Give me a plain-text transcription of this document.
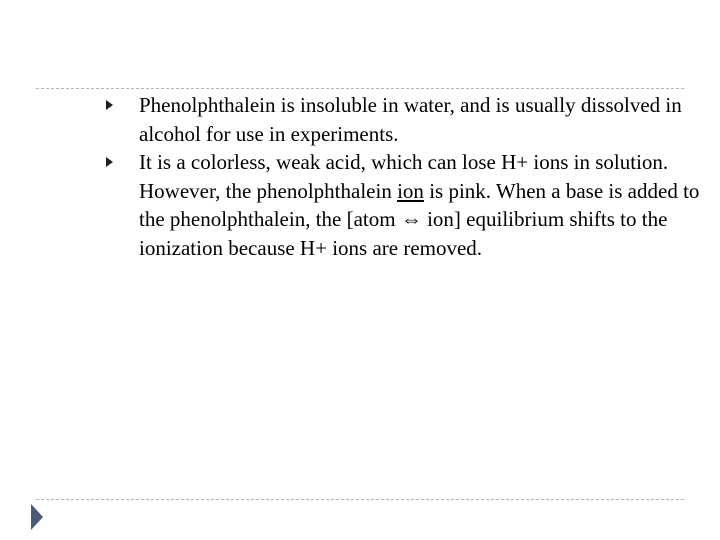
Phenolphthalein is insoluble in water, and is usually dissolved in alcohol for use in experiments.
It is a colorless, weak acid, which can lose H+ ions in solution. However, the phenolphthalein ion is pink. When a base is added to the phenolphthalein, the [atom ⇔ ion] equilibrium shifts to the ionization because H+ ions are removed.
